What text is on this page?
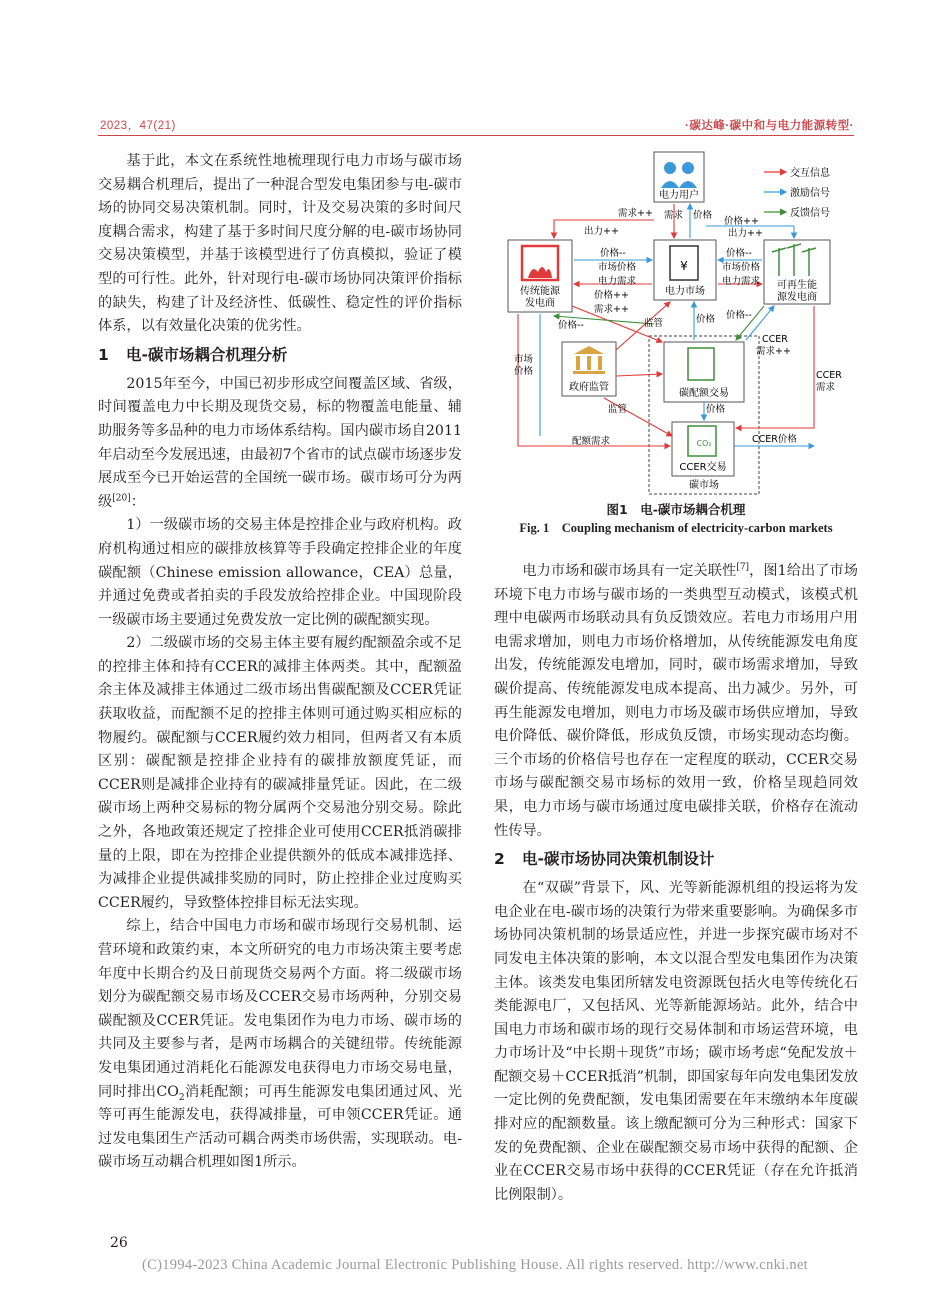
2023，47(21)	·碳达峰·碳中和与电力能源转型·

基于此，本文在系统性地梳理现行电力市场与碳市场交易耦合机理后，提出了一种混合型发电集团参与电-碳市场的协同交易决策机制。同时，计及交易决策的多时间尺度耦合需求，构建了基于多时间尺度分解的电-碳市场协同交易决策模型，并基于该模型进行了仿真模拟，验证了模型的可行性。此外，针对现行电-碳市场协同决策评价指标的缺失，构建了计及经济性、低碳性、稳定性的评价指标体系，以有效量化决策的优劣性。

1 电-碳市场耦合机理分析

2015年至今，中国已初步形成空间覆盖区域、省级，时间覆盖电力中长期及现货交易，标的物覆盖电能量、辅助服务等多品种的电力市场体系结构。国内碳市场自2011年启动至今发展迅速，由最初7个省市的试点碳市场逐步发展成至今已开始运营的全国统一碳市场。碳市场可分为两级[20]：

1）一级碳市场的交易主体是控排企业与政府机构。政府机构通过相应的碳排放核算等手段确定控排企业的年度碳配额（Chinese emission allowance，CEA）总量，并通过免费或者拍卖的手段发放给控排企业。中国现阶段一级碳市场主要通过免费发放一定比例的碳配额实现。

2）二级碳市场的交易主体主要有履约配额盈余或不足的控排主体和持有CCER的减排主体两类。其中，配额盈余主体及减排主体通过二级市场出售碳配额及CCER凭证获取收益，而配额不足的控排主体则可通过购买相应标的物履约。碳配额与CCER履约效力相同，但两者又有本质区别：碳配额是控排企业持有的碳排放额度凭证，而CCER则是减排企业持有的碳减排量凭证。因此，在二级碳市场上两种交易标的物分属两个交易池分别交易。除此之外，各地政策还规定了控排企业可使用CCER抵消碳排量的上限，即在为控排企业提供额外的低成本减排选择、为减排企业提供减排奖励的同时，防止控排企业过度购买CCER履约，导致整体控排目标无法实现。

综上，结合中国电力市场和碳市场现行交易机制、运营环境和政策约束，本文所研究的电力市场决策主要考虑年度中长期合约及日前现货交易两个方面。将二级碳市场划分为碳配额交易市场及CCER交易市场两种，分别交易碳配额及CCER凭证。发电集团作为电力市场、碳市场的共同及主要参与者，是两市场耦合的关键纽带。传统能源发电集团通过消耗化石能源发电获得电力市场交易电量，同时排出$CO_2$消耗配额；可再生能源发电集团通过风、光等可再生能源发电，获得减排量，可申领CCER凭证。通过发电集团生产活动可耦合两类市场供需，实现联动。电-碳市场互动耦合机理如图1所示。

交互信息
激励信号
反馈信号
碳市场
电力用户
传统能源
发电商
¥
电力市场
可再生能
源发电商
政府监管
碳配额交易
CO₂
CCER交易
需求++
出力++
需求 价格
价格++
出力++
价格--
市场价格
电力需求
价格++
价格--
市场价格
电力需求
需求++
价格--	监管	价格 价格--
CCER
需求++
市场
价格	CCER
需求
监管	价格
配额需求	CCER价格
图1　电-碳市场耦合机理
Fig. 1　Coupling mechanism of electricity-carbon markets

电力市场和碳市场具有一定关联性[7]，图1给出了市场环境下电力市场与碳市场的一类典型互动模式，该模式机理中电碳两市场联动具有负反馈效应。若电力市场用户用电需求增加，则电力市场价格增加，从传统能源发电角度出发，传统能源发电增加，同时，碳市场需求增加，导致碳价提高、传统能源发电成本提高、出力减少。另外，可再生能源发电增加，则电力市场及碳市场供应增加，导致电价降低、碳价降低，形成负反馈，市场实现动态均衡。三个市场的价格信号也存在一定程度的联动，CCER交易市场与碳配额交易市场标的效用一致，价格呈现趋同效果，电力市场与碳市场通过度电碳排关联，价格存在流动性传导。

2 电-碳市场协同决策机制设计

在“双碳”背景下，风、光等新能源机组的投运将为发电企业在电-碳市场的决策行为带来重要影响。为确保多市场协同决策机制的场景适应性，并进一步探究碳市场对不同发电主体决策的影响，本文以混合型发电集团作为决策主体。该类发电集团所辖发电资源既包括火电等传统化石类能源电厂，又包括风、光等新能源场站。此外，结合中国电力市场和碳市场的现行交易体制和市场运营环境，电力市场计及“中长期＋现货”市场；碳市场考虑“免配发放＋配额交易＋CCER抵消”机制，即国家每年向发电集团发放一定比例的免费配额，发电集团需要在年末缴纳本年度碳排对应的配额数量。该上缴配额可分为三种形式：国家下发的免费配额、企业在碳配额交易市场中获得的配额、企业在CCER交易市场中获得的CCER凭证（存在允许抵消比例限制）。

26
(C)1994-2023 China Academic Journal Electronic Publishing House. All rights reserved. http://www.cnki.net
